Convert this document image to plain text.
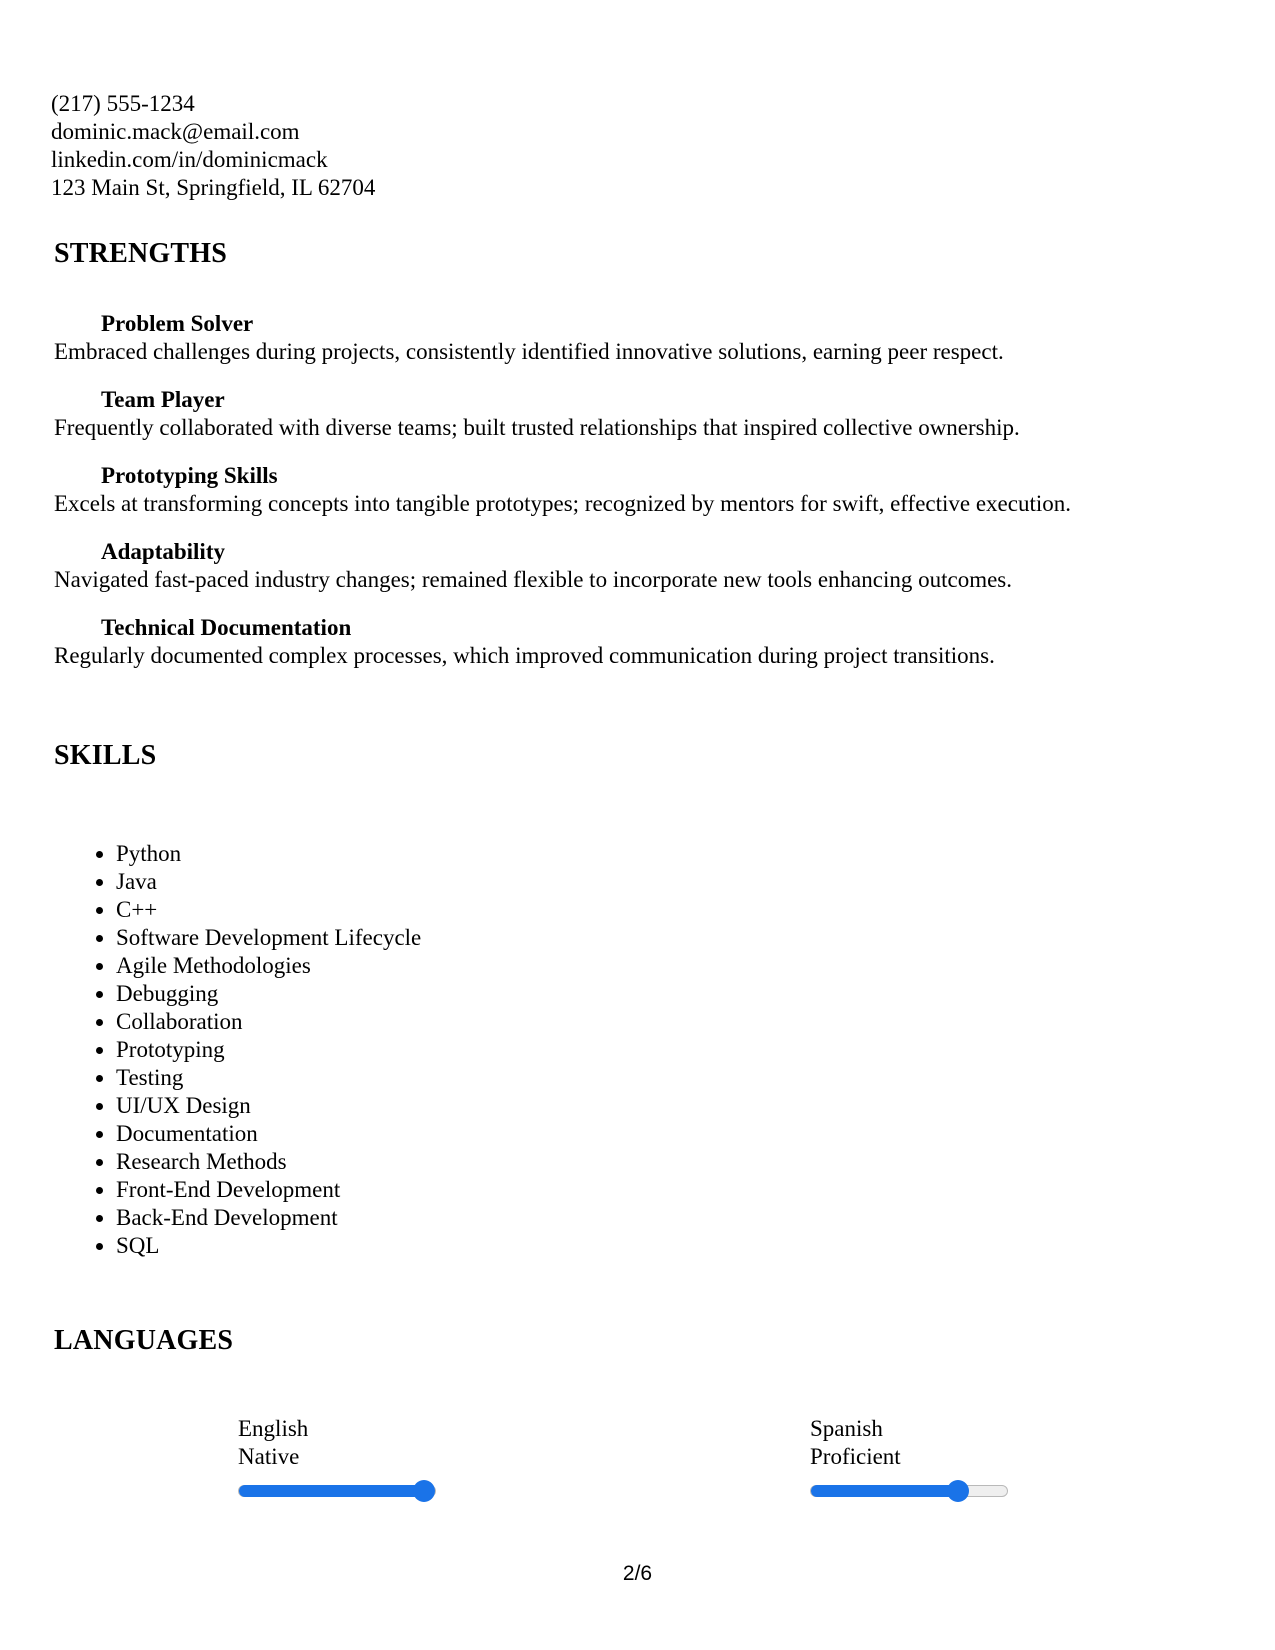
(217) 555-1234
dominic.mack@email.com
linkedin.com/in/dominicmack
123 Main St, Springfield, IL 62704
STRENGTHS
Problem Solver
Embraced challenges during projects, consistently identified innovative solutions, earning peer respect.
Team Player
Frequently collaborated with diverse teams; built trusted relationships that inspired collective ownership.
Prototyping Skills
Excels at transforming concepts into tangible prototypes; recognized by mentors for swift, effective execution.
Adaptability
Navigated fast-paced industry changes; remained flexible to incorporate new tools enhancing outcomes.
Technical Documentation
Regularly documented complex processes, which improved communication during project transitions.
SKILLS
• Python
• Java
• C++
• Software Development Lifecycle
• Agile Methodologies
• Debugging
• Collaboration
• Prototyping
• Testing
• UI/UX Design
• Documentation
• Research Methods
• Front-End Development
• Back-End Development
• SQL
LANGUAGES
English
Native
Spanish
Proficient
2/6
